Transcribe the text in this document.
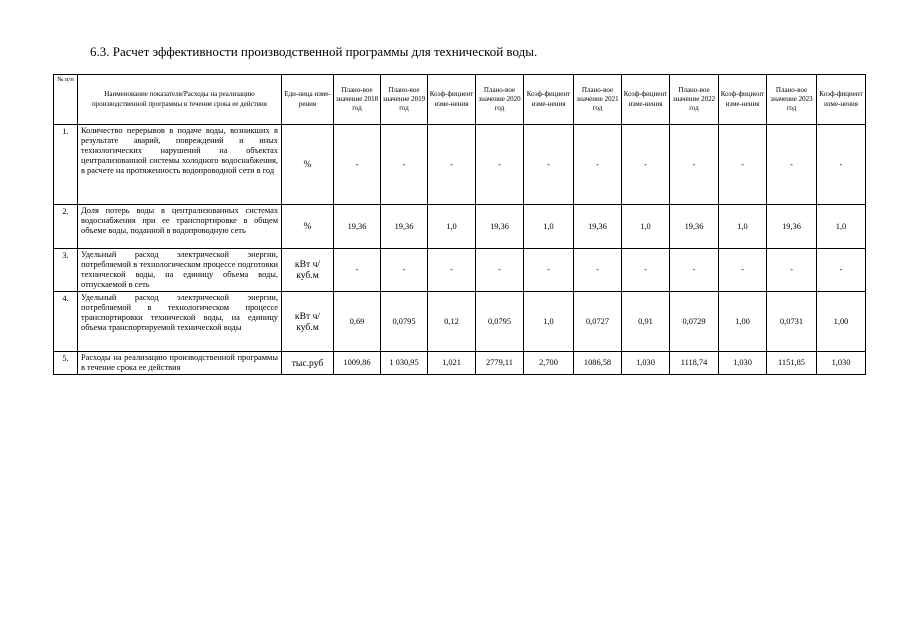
6.3. Расчет эффективности производственной программы для технической воды.
№ п/п	Наименование показателя/Расходы на реализацию производственной программы в течение срока ее действия	Еди-ница изме-рения	Плано-вое значение 2018 год	Плано-вое значение 2019 год	Коэф-фициент изме-нения	Плано-вое значение 2020 год	Коэф-фициент изме-нения	Плано-вое значение 2021 год	Коэф-фициент изме-нения	Плано-вое значение 2022 год	Коэф-фициент изме-нения	Плано-вое значение 2023 год	Коэф-фициент изме-нения
1.	Количество перерывов в подаче воды, возникших в результате аварий, повреждений и иных технологических нарушений на объектах централизованной системы холодного водоснабжения, в расчете на протяженность водопроводной сети в год	%	-	-	-	-	-	-	-	-	-	-	-
2.	Доля потерь воды в централизованных системах водоснабжения при ее транспортировке в общем объеме воды, поданной в водопроводную сеть	%	19,36	19,36	1,0	19,36	1,0	19,36	1,0	19,36	1,0	19,36	1,0
3.	Удельный расход электрической энергии, потребляемой в технологическом процессе подготовки технической воды, на единицу объема воды, отпускаемой в сеть	кВт ч/куб.м	-	-	-	-	-	-	-	-	-	-	-
4.	Удельный расход электрической энергии, потребляемой в технологическом процессе транспортировки технической воды, на единицу объема транспортируемой технической воды	кВт ч/куб.м	0,69	0,0795	0,12	0,0795	1,0	0,0727	0,91	0,0729	1,00	0,0731	1,00
5.	Расходы на реализацию производственной программы в течение срока ее действия	тыс.руб	1009,86	1 030,95	1,021	2779,11	2,700	1086,58	1,030	1118,74	1,030	1151,85	1,030
